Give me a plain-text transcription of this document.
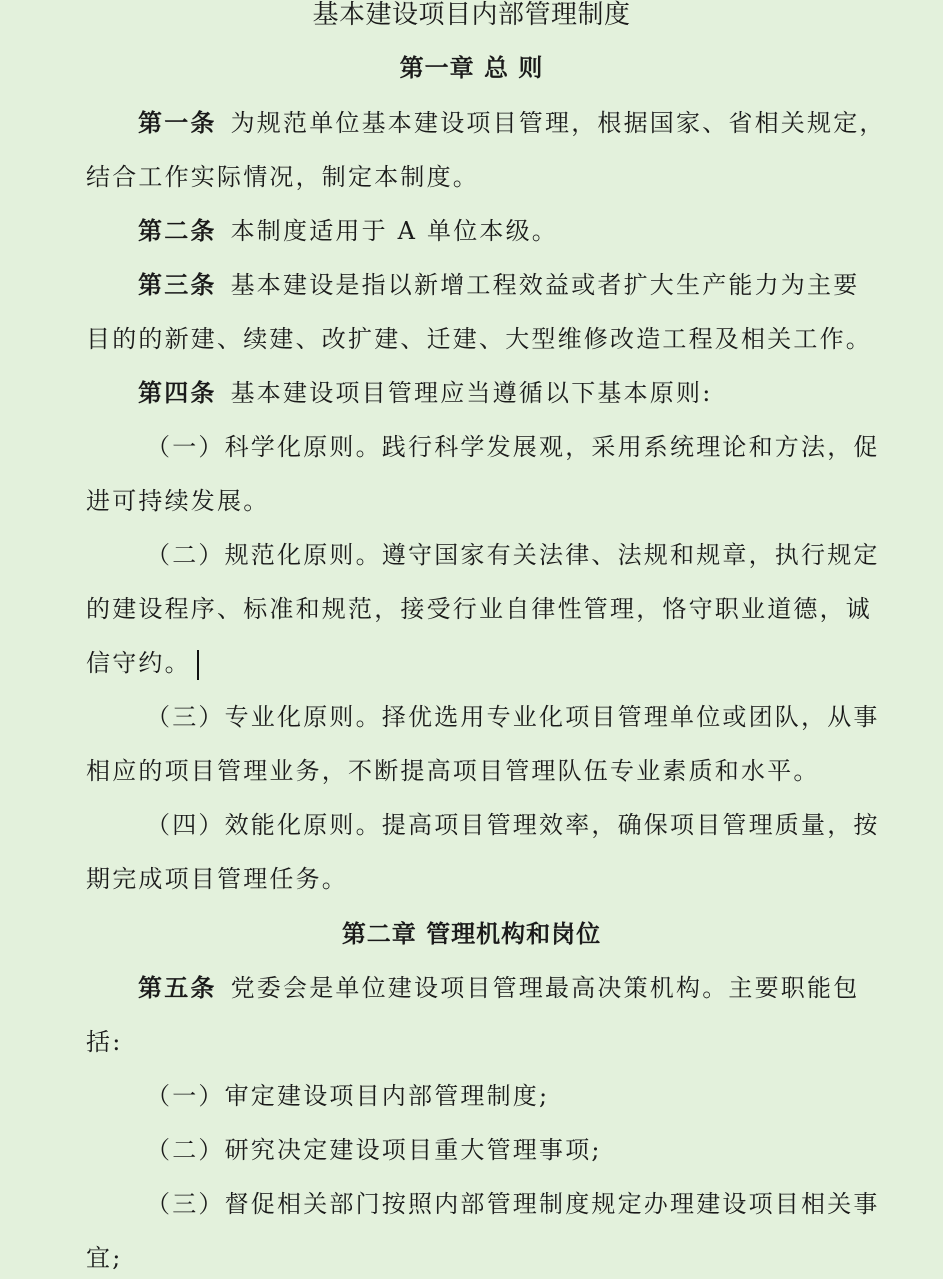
基本建设项目内部管理制度
第一章 总 则
第一条 为规范单位基本建设项目管理，根据国家、省相关规定，
结合工作实际情况，制定本制度。
第二条 本制度适用于 A 单位本级。
第三条 基本建设是指以新增工程效益或者扩大生产能力为主要
目的的新建、续建、改扩建、迁建、大型维修改造工程及相关工作。
第四条 基本建设项目管理应当遵循以下基本原则:
（一）科学化原则。践行科学发展观，采用系统理论和方法，促
进可持续发展。
（二）规范化原则。遵守国家有关法律、法规和规章，执行规定
的建设程序、标准和规范，接受行业自律性管理，恪守职业道德，诚
信守约。
（三）专业化原则。择优选用专业化项目管理单位或团队，从事
相应的项目管理业务，不断提高项目管理队伍专业素质和水平。
（四）效能化原则。提高项目管理效率，确保项目管理质量，按
期完成项目管理任务。
第二章 管理机构和岗位
第五条 党委会是单位建设项目管理最高决策机构。主要职能包
括:
（一）审定建设项目内部管理制度;
（二）研究决定建设项目重大管理事项;
（三）督促相关部门按照内部管理制度规定办理建设项目相关事
宜;
